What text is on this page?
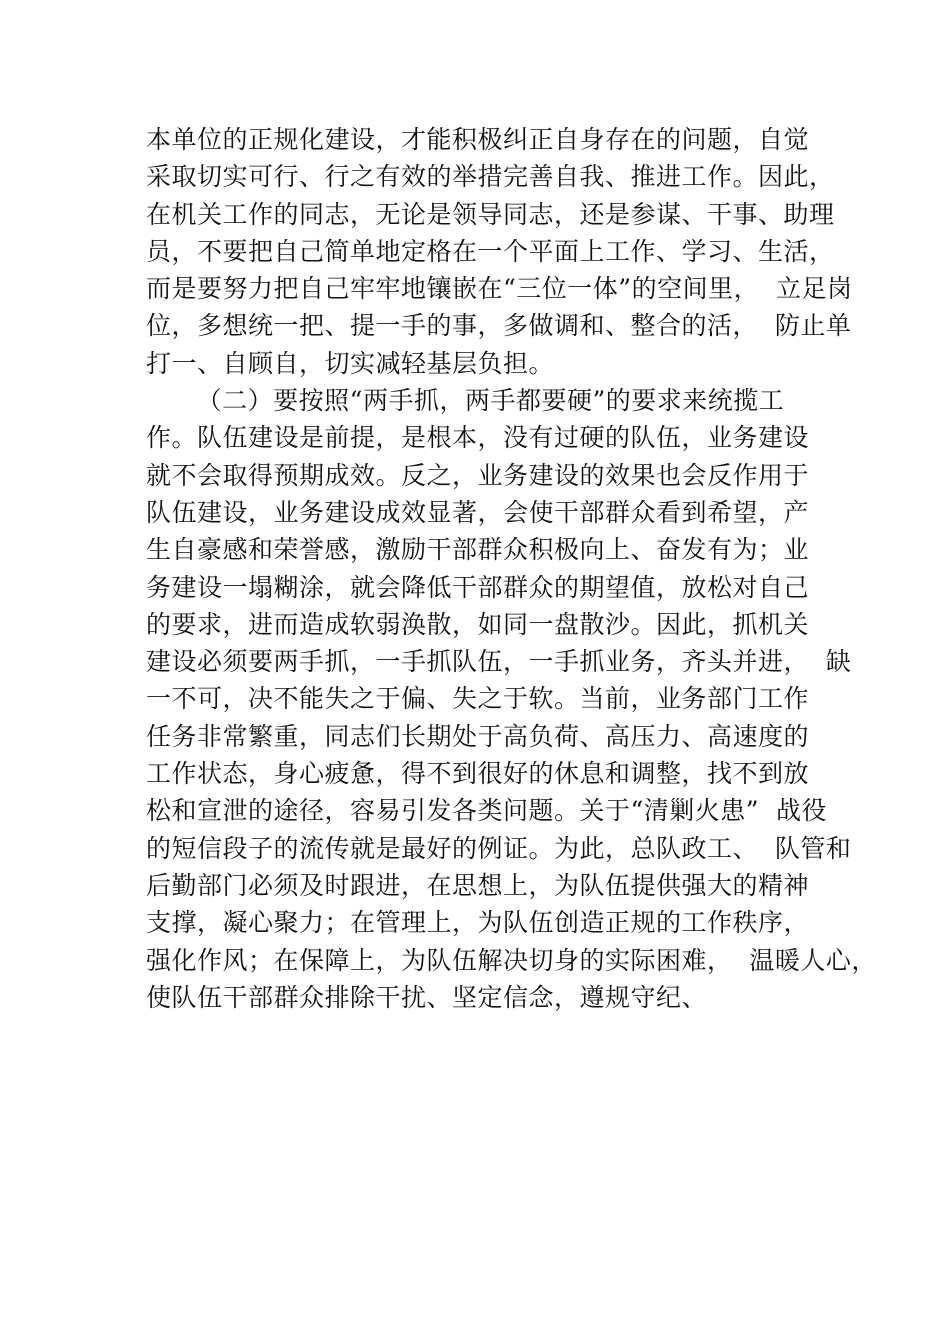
本单位的正规化建设，才能积极纠正自身存在的问题，自觉
采取切实可行、行之有效的举措完善自我、推进工作。因此，
在机关工作的同志，无论是领导同志，还是参谋、干事、助理
员，不要把自己简单地定格在一个平面上工作、学习、生活，
而是要努力把自己牢牢地镶嵌在“三位一体”的空间里，  立足岗
位，多想统一把、提一手的事，多做调和、整合的活，  防止单
打一、自顾自，切实减轻基层负担。
（二）要按照“两手抓，两手都要硬”的要求来统揽工
作。队伍建设是前提，是根本，没有过硬的队伍，业务建设
就不会取得预期成效。反之，业务建设的效果也会反作用于
队伍建设，业务建设成效显著，会使干部群众看到希望，产
生自豪感和荣誉感，激励干部群众积极向上、奋发有为；业
务建设一塌糊涂，就会降低干部群众的期望值，放松对自己
的要求，进而造成软弱涣散，如同一盘散沙。因此，抓机关
建设必须要两手抓，一手抓队伍，一手抓业务，齐头并进，  缺
一不可，决不能失之于偏、失之于软。当前，业务部门工作
任务非常繁重，同志们长期处于高负荷、高压力、高速度的
工作状态，身心疲惫，得不到很好的休息和调整，找不到放
松和宣泄的途径，容易引发各类问题。关于“清剿火患”  战役
的短信段子的流传就是最好的例证。为此，总队政工、  队管和
后勤部门必须及时跟进，在思想上，为队伍提供强大的精神
支撑，凝心聚力；在管理上，为队伍创造正规的工作秩序，
强化作风；在保障上，为队伍解决切身的实际困难，  温暖人心，
使队伍干部群众排除干扰、坚定信念，遵规守纪、
